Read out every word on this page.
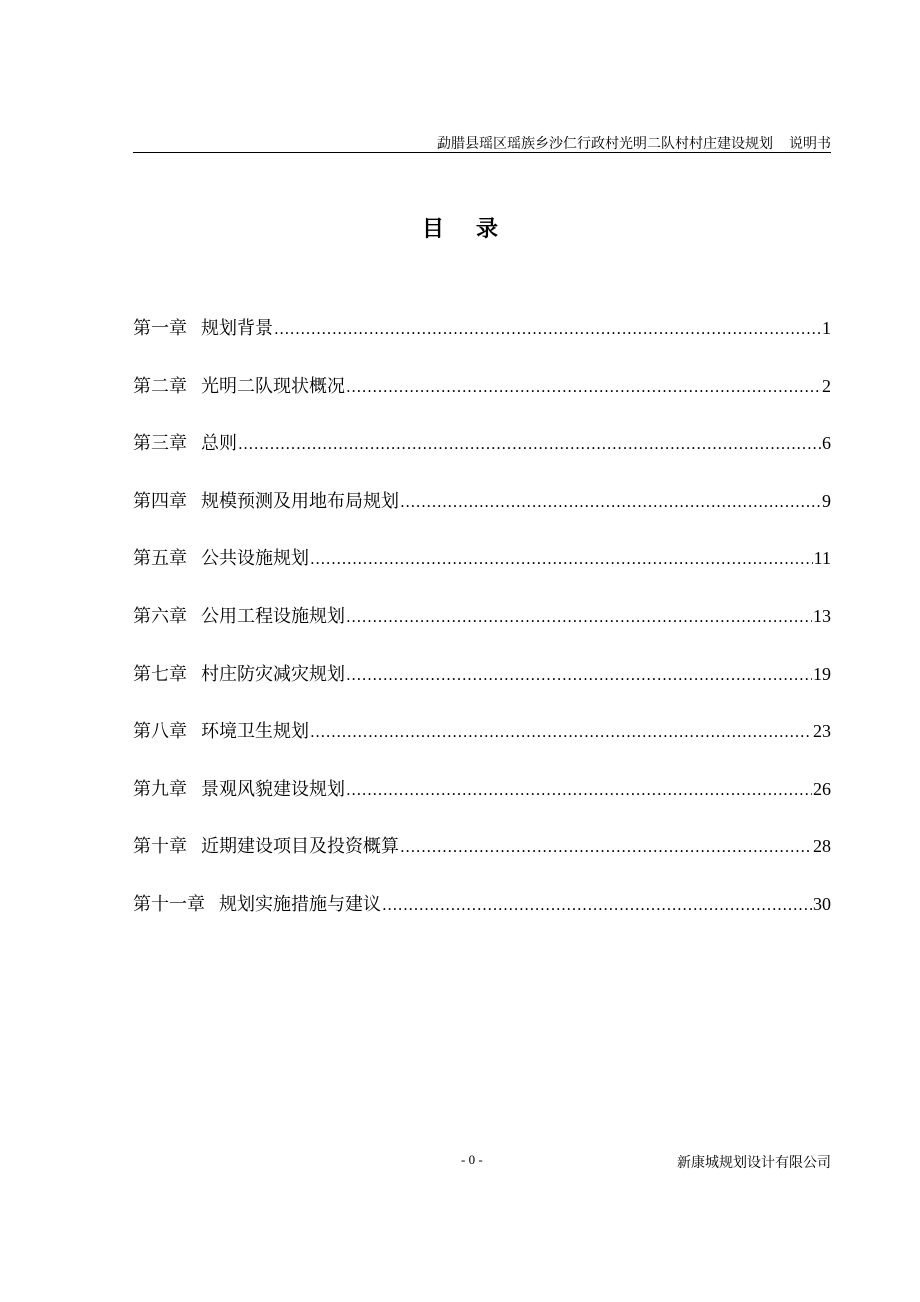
勐腊县瑶区瑶族乡沙仁行政村光明二队村村庄建设规划 说明书
目录
第一章 规划背景 .....	1
第二章 光明二队现状概况 .....	2
第三章 总则 .....	6
第四章 规模预测及用地布局规划 .....	9
第五章 公共设施规划 .....	11
第六章 公用工程设施规划 .....	13
第七章 村庄防灾减灾规划 .....	19
第八章 环境卫生规划 .....	23
第九章 景观风貌建设规划 .....	26
第十章 近期建设项目及投资概算 .....	28
第十一章 规划实施措施与建议 .....	30
- 0 -	新康城规划设计有限公司
